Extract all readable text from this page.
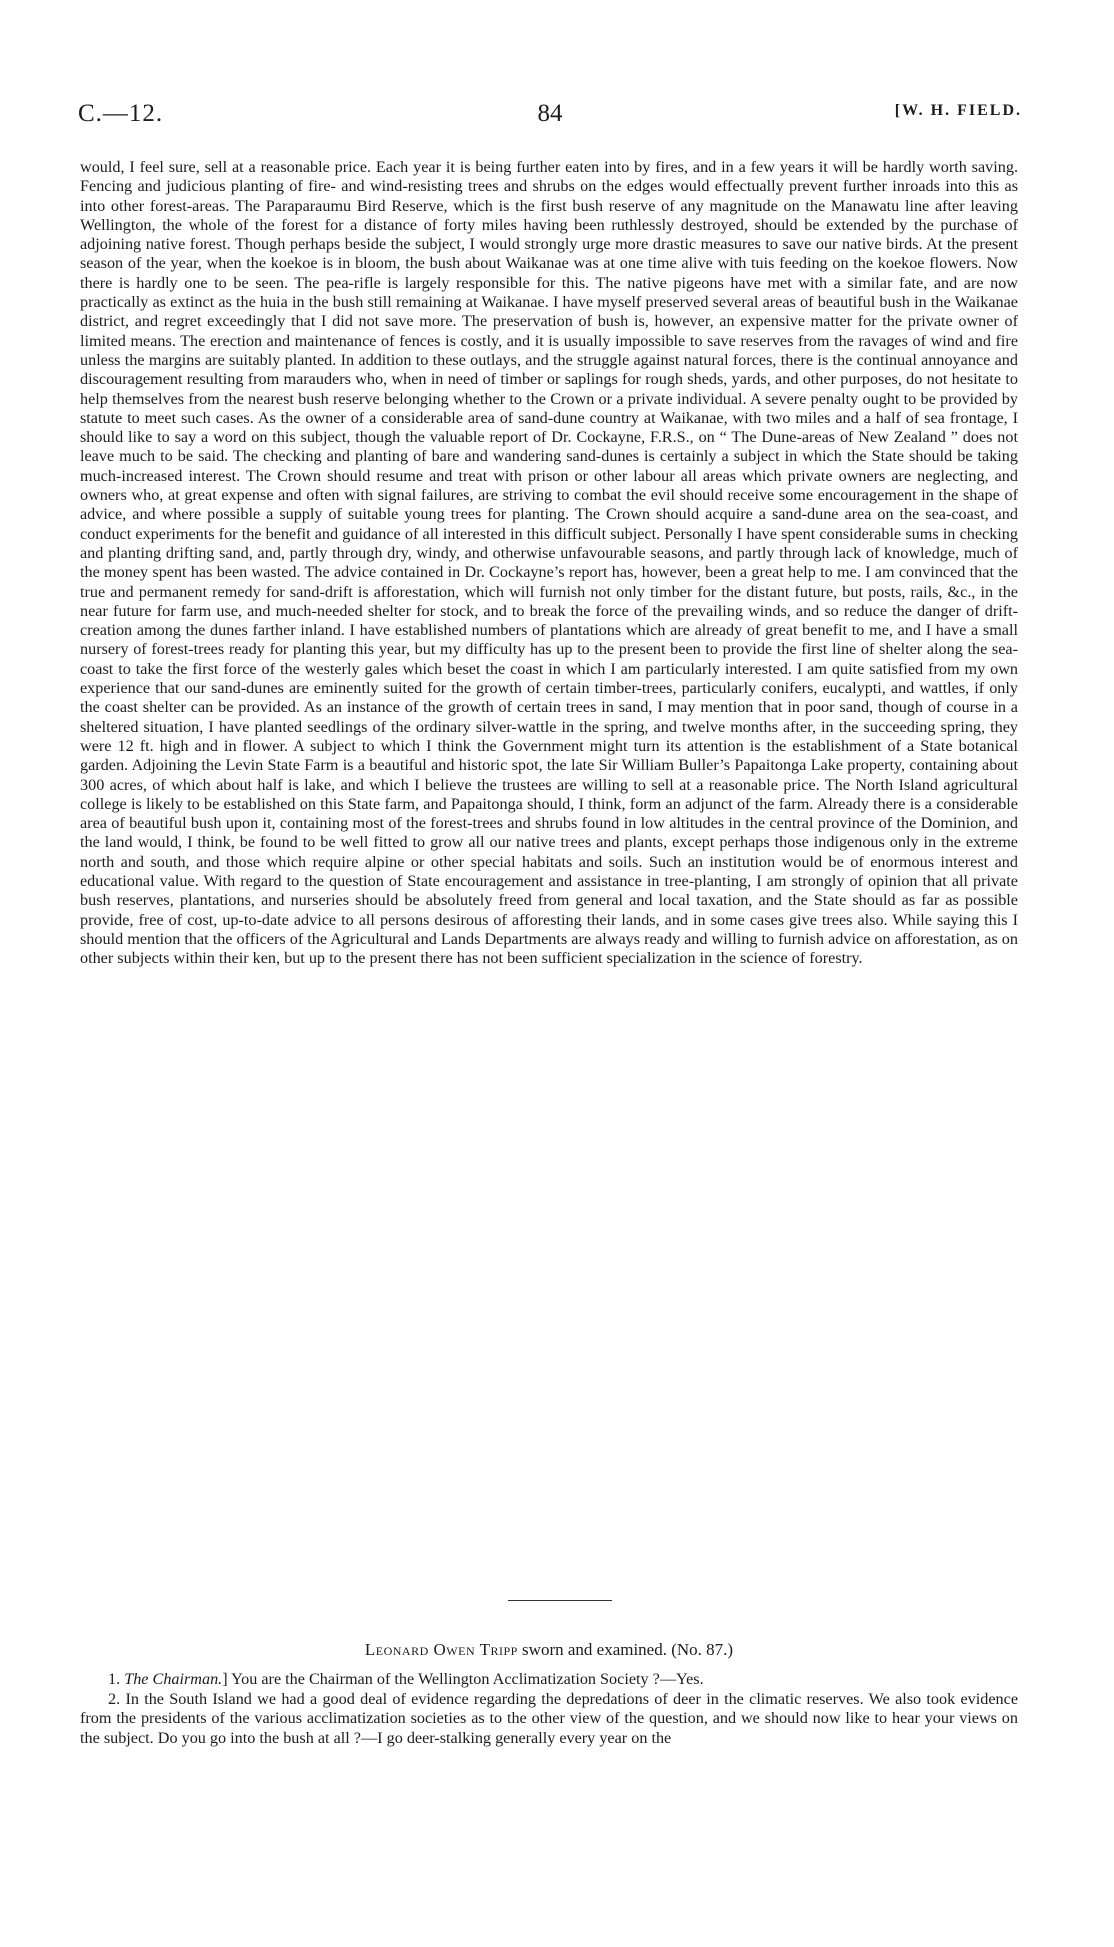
C.—12.	84	[W. H. FIELD.

would, I feel sure, sell at a reasonable price. Each year it is being further eaten into by fires, and in a few years it will be hardly worth saving. Fencing and judicious planting of fire- and wind-resisting trees and shrubs on the edges would effectually prevent further inroads into this as into other forest-areas. The Paraparaumu Bird Reserve, which is the first bush reserve of any magnitude on the Manawatu line after leaving Wellington, the whole of the forest for a distance of forty miles having been ruthlessly destroyed, should be extended by the purchase of adjoining native forest. Though perhaps beside the subject, I would strongly urge more drastic measures to save our native birds. At the present season of the year, when the koekoe is in bloom, the bush about Waikanae was at one time alive with tuis feeding on the koekoe flowers. Now there is hardly one to be seen. The pea-rifle is largely responsible for this. The native pigeons have met with a similar fate, and are now practically as extinct as the huia in the bush still remaining at Waikanae. I have myself preserved several areas of beautiful bush in the Waikanae district, and regret exceedingly that I did not save more. The preservation of bush is, however, an expensive matter for the private owner of limited means. The erection and maintenance of fences is costly, and it is usually impossible to save reserves from the ravages of wind and fire unless the margins are suitably planted. In addition to these outlays, and the struggle against natural forces, there is the continual annoyance and discouragement resulting from marauders who, when in need of timber or saplings for rough sheds, yards, and other purposes, do not hesitate to help themselves from the nearest bush reserve belonging whether to the Crown or a private individual. A severe penalty ought to be provided by statute to meet such cases. As the owner of a considerable area of sand-dune country at Waikanae, with two miles and a half of sea frontage, I should like to say a word on this subject, though the valuable report of Dr. Cockayne, F.R.S., on “ The Dune-areas of New Zealand ” does not leave much to be said. The checking and planting of bare and wandering sand-dunes is certainly a subject in which the State should be taking much-increased interest. The Crown should resume and treat with prison or other labour all areas which private owners are neglecting, and owners who, at great expense and often with signal failures, are striving to combat the evil should receive some encouragement in the shape of advice, and where possible a supply of suitable young trees for planting. The Crown should acquire a sand-dune area on the sea-coast, and conduct experiments for the benefit and guidance of all interested in this difficult subject. Personally I have spent considerable sums in checking and planting drifting sand, and, partly through dry, windy, and otherwise unfavourable seasons, and partly through lack of knowledge, much of the money spent has been wasted. The advice contained in Dr. Cockayne’s report has, however, been a great help to me. I am convinced that the true and permanent remedy for sand-drift is afforestation, which will furnish not only timber for the distant future, but posts, rails, &c., in the near future for farm use, and much-needed shelter for stock, and to break the force of the prevailing winds, and so reduce the danger of drift-creation among the dunes farther inland. I have established numbers of plantations which are already of great benefit to me, and I have a small nursery of forest-trees ready for planting this year, but my difficulty has up to the present been to provide the first line of shelter along the sea-coast to take the first force of the westerly gales which beset the coast in which I am particularly interested. I am quite satisfied from my own experience that our sand-dunes are eminently suited for the growth of certain timber-trees, particularly conifers, eucalypti, and wattles, if only the coast shelter can be provided. As an instance of the growth of certain trees in sand, I may mention that in poor sand, though of course in a sheltered situation, I have planted seedlings of the ordinary silver-wattle in the spring, and twelve months after, in the succeeding spring, they were 12 ft. high and in flower. A subject to which I think the Government might turn its attention is the establishment of a State botanical garden. Adjoining the Levin State Farm is a beautiful and historic spot, the late Sir William Buller’s Papaitonga Lake property, containing about 300 acres, of which about half is lake, and which I believe the trustees are willing to sell at a reasonable price. The North Island agricultural college is likely to be established on this State farm, and Papaitonga should, I think, form an adjunct of the farm. Already there is a considerable area of beautiful bush upon it, containing most of the forest-trees and shrubs found in low altitudes in the central province of the Dominion, and the land would, I think, be found to be well fitted to grow all our native trees and plants, except perhaps those indigenous only in the extreme north and south, and those which require alpine or other special habitats and soils. Such an institution would be of enormous interest and educational value. With regard to the question of State encouragement and assistance in tree-planting, I am strongly of opinion that all private bush reserves, plantations, and nurseries should be absolutely freed from general and local taxation, and the State should as far as possible provide, free of cost, up-to-date advice to all persons desirous of afforesting their lands, and in some cases give trees also. While saying this I should mention that the officers of the Agricultural and Lands Departments are always ready and willing to furnish advice on afforestation, as on other subjects within their ken, but up to the present there has not been sufficient specialization in the science of forestry.

Leonard Owen Tripp sworn and examined. (No. 87.)

1. The Chairman.] You are the Chairman of the Wellington Acclimatization Society ?—Yes.

2. In the South Island we had a good deal of evidence regarding the depredations of deer in the climatic reserves. We also took evidence from the presidents of the various acclimatization societies as to the other view of the question, and we should now like to hear your views on the subject. Do you go into the bush at all ?—I go deer-stalking generally every year on the
